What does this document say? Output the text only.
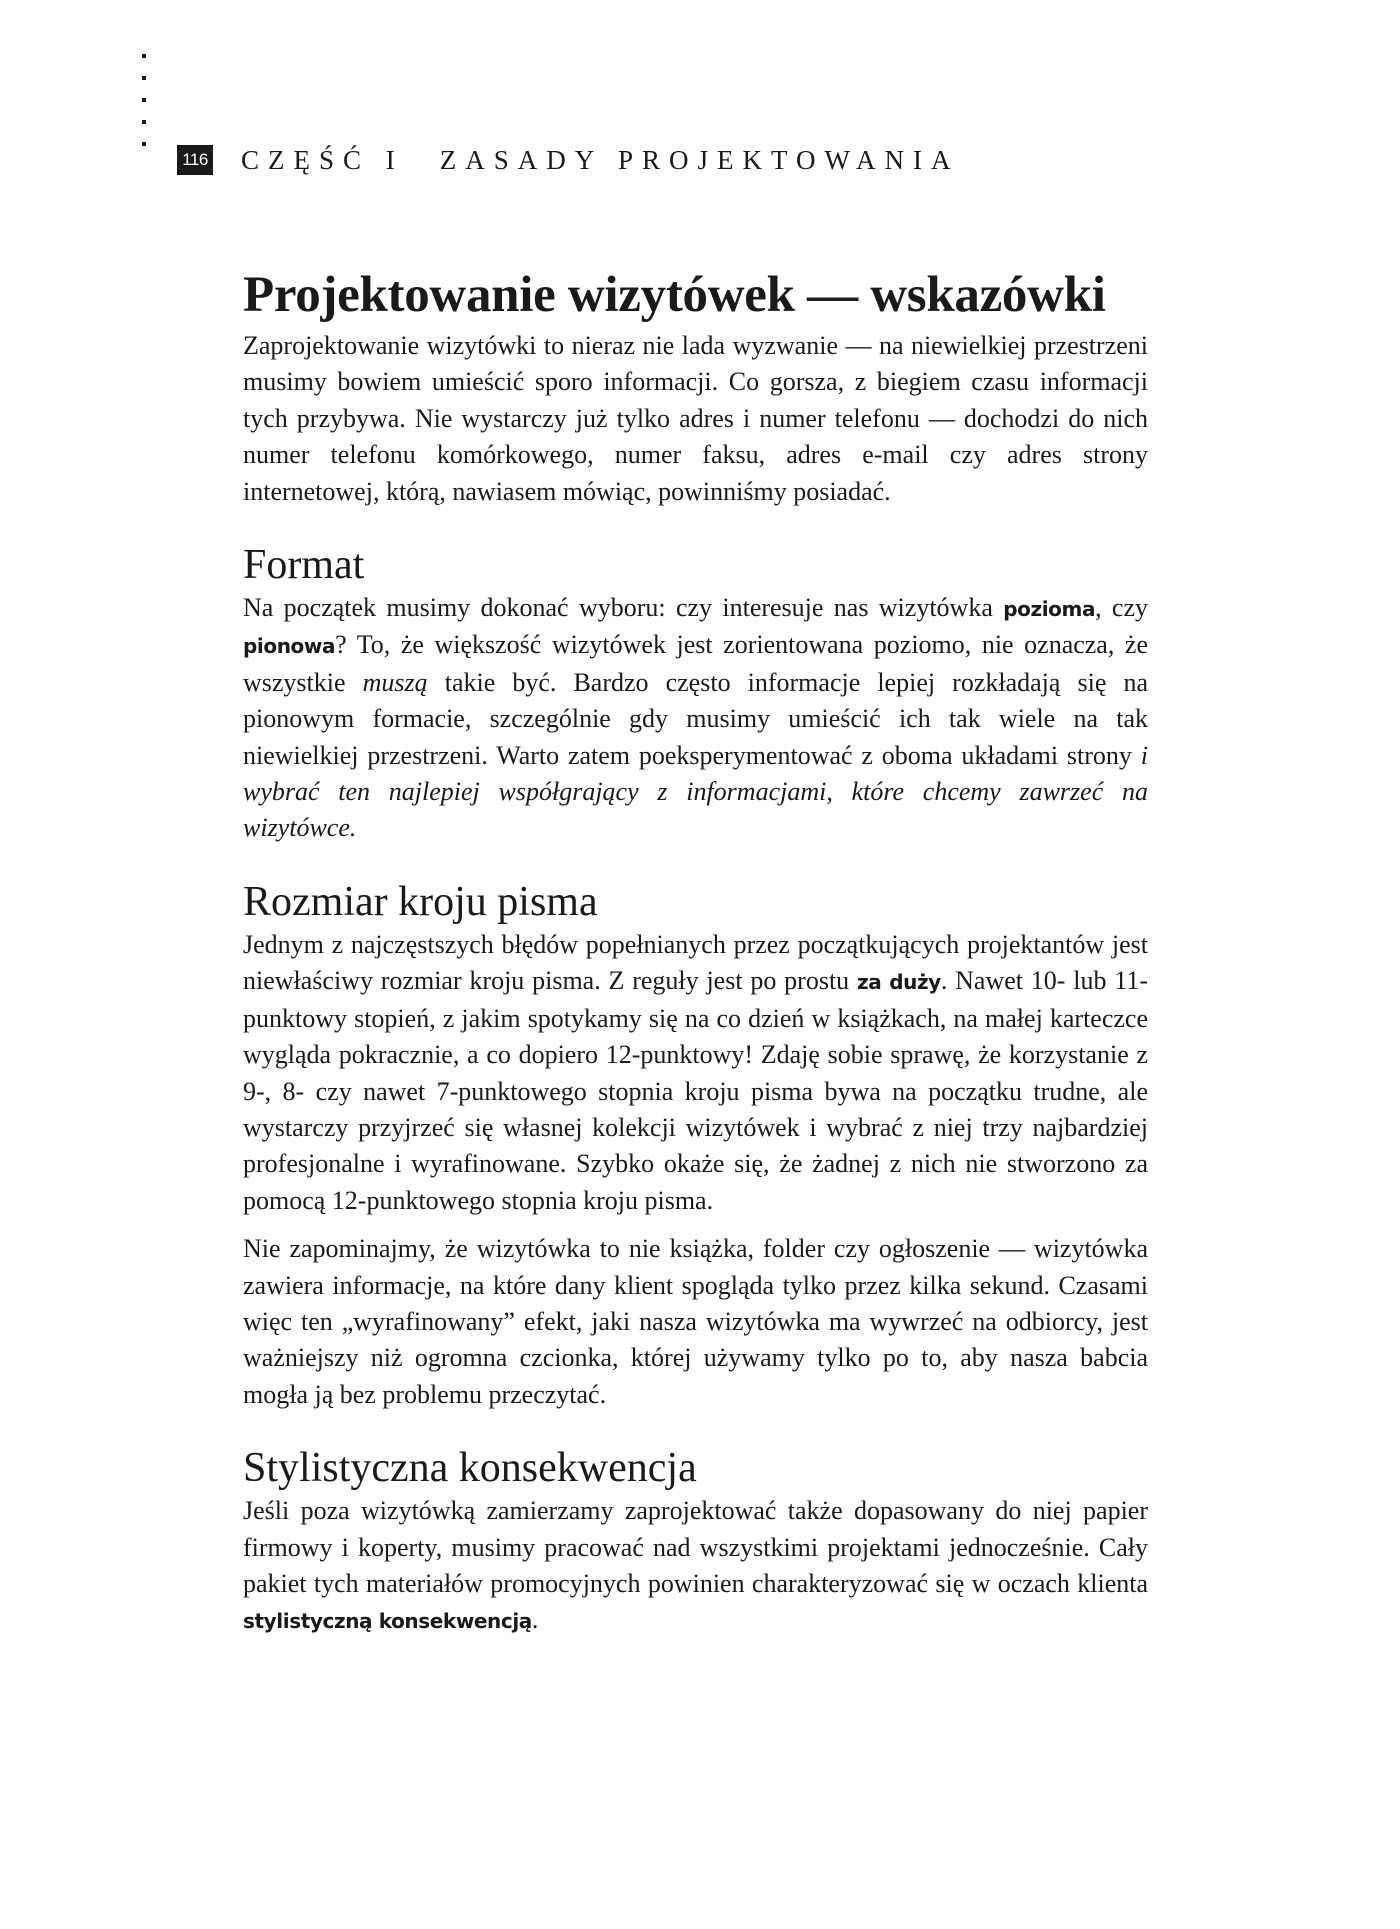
116 CZĘŚĆ I ZASADY PROJEKTOWANIA
Projektowanie wizytówek — wskazówki

Zaprojektowanie wizytówki to nieraz nie lada wyzwanie — na niewielkiej przestrzeni musimy bowiem umieścić sporo informacji. Co gorsza, z biegiem czasu informacji tych przybywa. Nie wystarczy już tylko adres i numer telefonu — dochodzi do nich numer telefonu komórkowego, numer faksu, adres e-mail czy adres strony internetowej, którą, nawiasem mówiąc, powinniśmy posiadać.

Format

Na początek musimy dokonać wyboru: czy interesuje nas wizytówka pozioma, czy pionowa? To, że większość wizytówek jest zorientowana poziomo, nie oznacza, że wszystkie muszą takie być. Bardzo często informacje lepiej rozkładają się na pionowym formacie, szczególnie gdy musimy umieścić ich tak wiele na tak niewielkiej przestrzeni. Warto zatem poeksperymentować z oboma układami strony i wybrać ten najlepiej współgrający z informacjami, które chcemy zawrzeć na wizytówce.

Rozmiar kroju pisma

Jednym z najczęstszych błędów popełnianych przez początkujących projektantów jest niewłaściwy rozmiar kroju pisma. Z reguły jest po prostu za duży. Nawet 10- lub 11-punktowy stopień, z jakim spotykamy się na co dzień w książkach, na małej karteczce wygląda pokracznie, a co dopiero 12-punktowy! Zdaję sobie sprawę, że korzystanie z 9-, 8- czy nawet 7-punktowego stopnia kroju pisma bywa na początku trudne, ale wystarczy przyjrzeć się własnej kolekcji wizytówek i wybrać z niej trzy najbardziej profesjonalne i wyrafinowane. Szybko okaże się, że żadnej z nich nie stworzono za pomocą 12-punktowego stopnia kroju pisma.

Nie zapominajmy, że wizytówka to nie książka, folder czy ogłoszenie — wizytówka zawiera informacje, na które dany klient spogląda tylko przez kilka sekund. Czasami więc ten „wyrafinowany” efekt, jaki nasza wizytówka ma wywrzeć na odbiorcy, jest ważniejszy niż ogromna czcionka, której używamy tylko po to, aby nasza babcia mogła ją bez problemu przeczytać.

Stylistyczna konsekwencja

Jeśli poza wizytówką zamierzamy zaprojektować także dopasowany do niej papier firmowy i koperty, musimy pracować nad wszystkimi projektami jednocześnie. Cały pakiet tych materiałów promocyjnych powinien charakteryzować się w oczach klienta stylistyczną konsekwencją.
